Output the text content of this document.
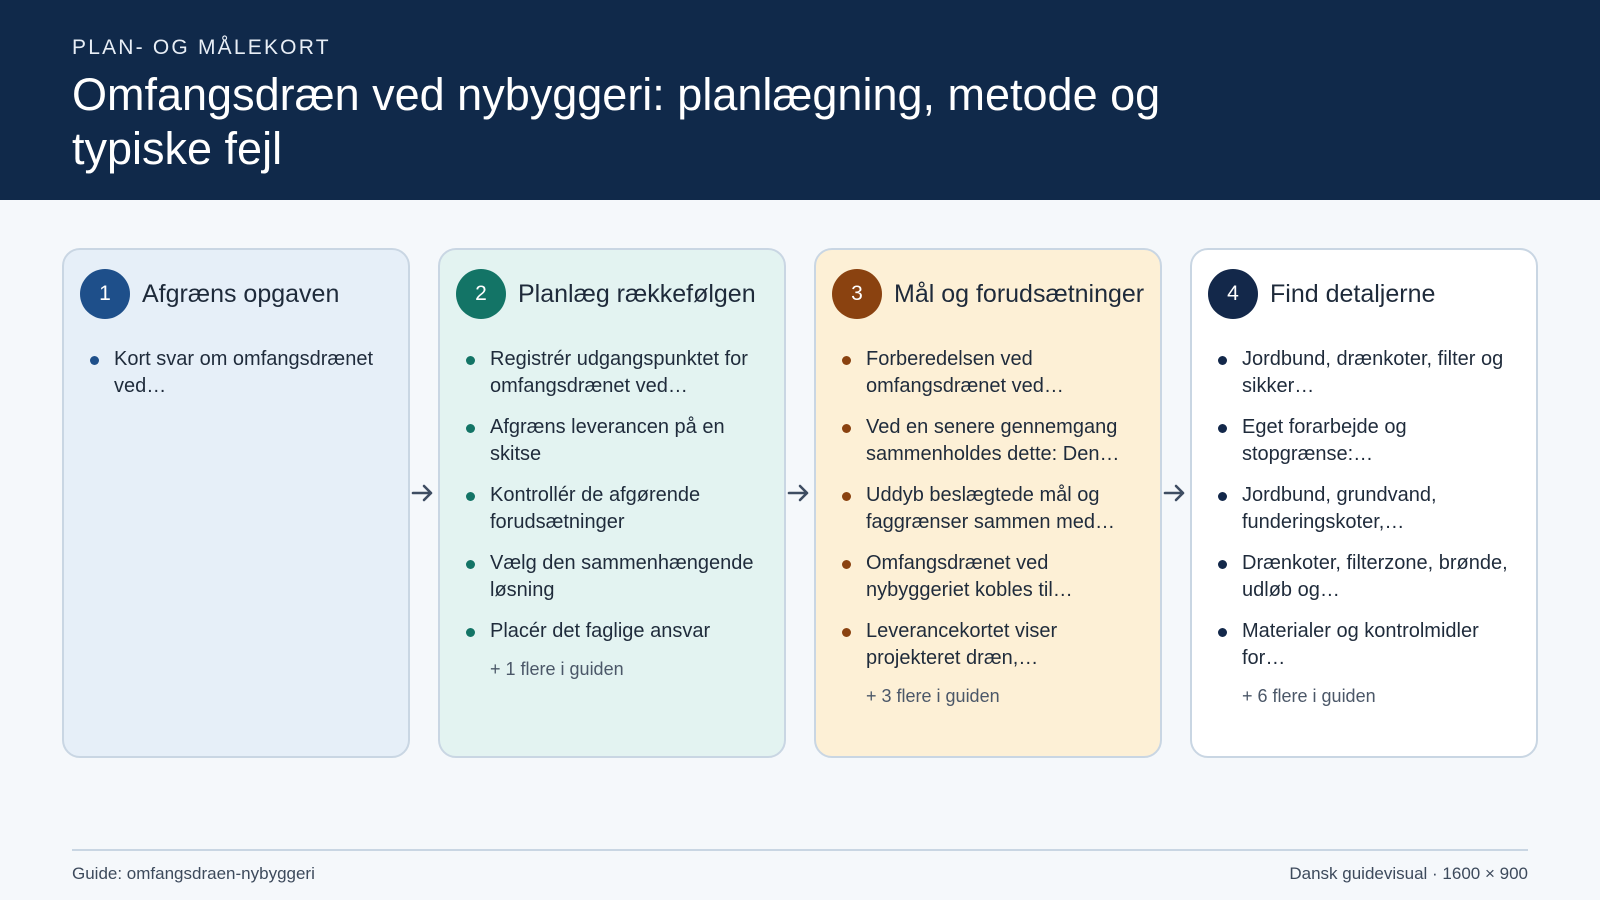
PLAN- OG MÅLEKORT
Omfangsdræn ved nybyggeri: planlægning, metode og typiske fejl
1	Afgræns opgaven
Kort svar om omfangsdrænet ved…
2	Planlæg rækkefølgen
Registrér udgangspunktet for omfangsdrænet ved…
Afgræns leverancen på en skitse
Kontrollér de afgørende forudsætninger
Vælg den sammenhængende løsning
Placér det faglige ansvar
+ 1 flere i guiden
3	Mål og forudsætninger
Forberedelsen ved omfangsdrænet ved…
Ved en senere gennemgang sammenholdes dette: Den…
Uddyb beslægtede mål og faggrænser sammen med…
Omfangsdrænet ved nybyggeriet kobles til…
Leverancekortet viser projekteret dræn,…
+ 3 flere i guiden
4	Find detaljerne
Jordbund, drænkoter, filter og sikker…
Eget forarbejde og stopgrænse:…
Jordbund, grundvand, funderingskoter,…
Drænkoter, filterzone, brønde, udløb og…
Materialer og kontrolmidler for…
+ 6 flere i guiden
Guide: omfangsdraen-nybyggeri	Dansk guidevisual · 1600 × 900
